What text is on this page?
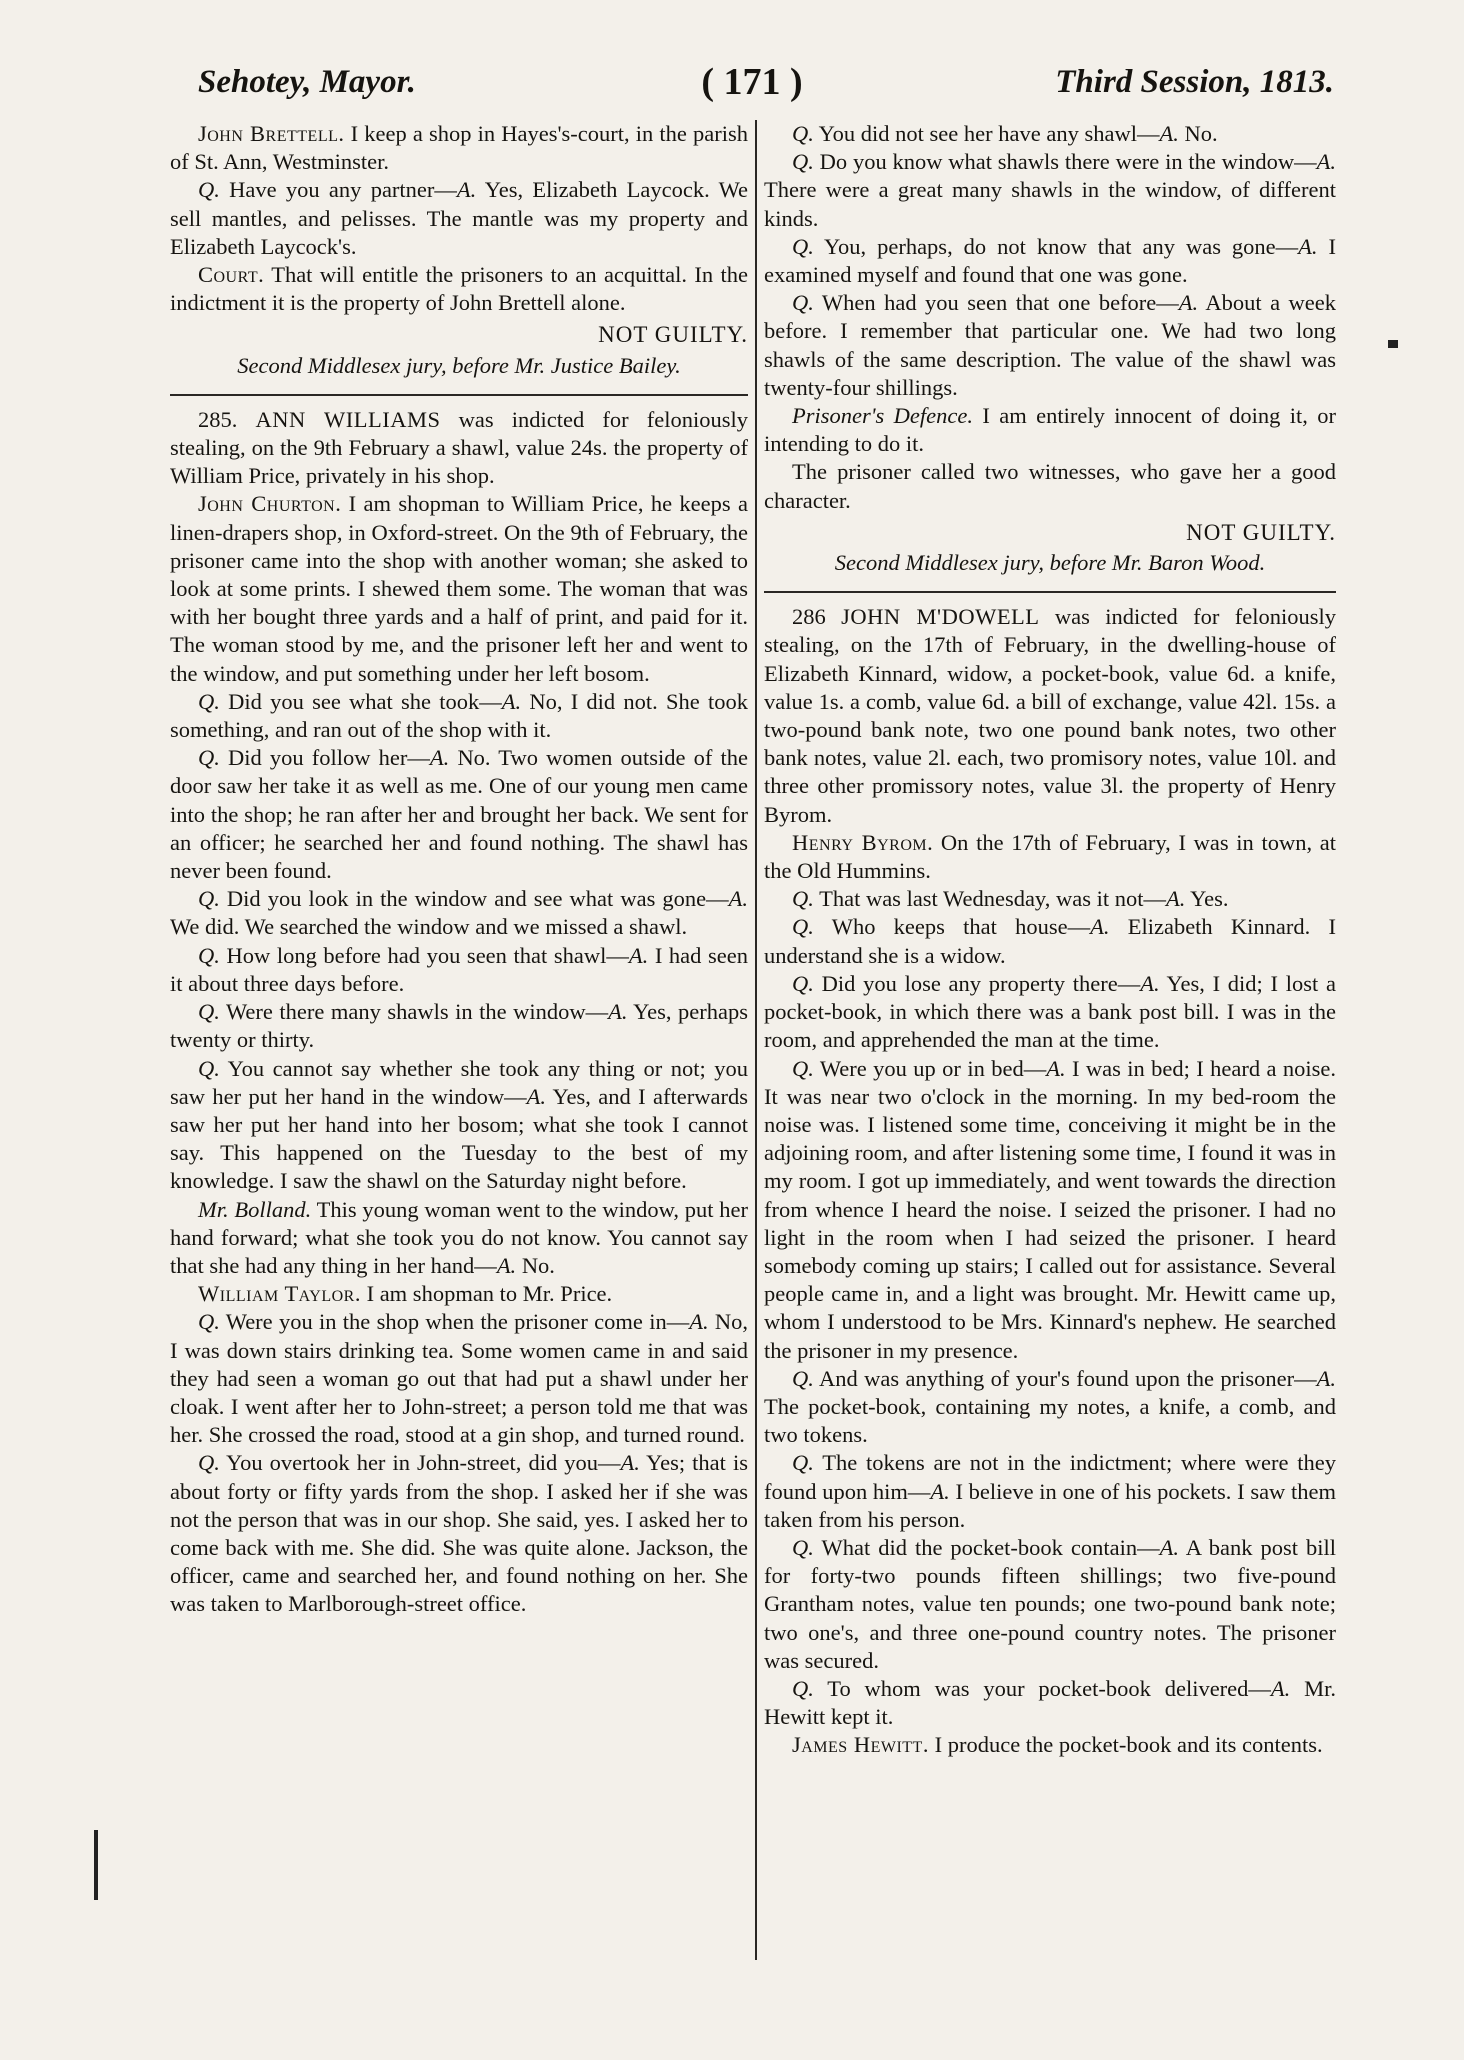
Sehotey, Mayor.	( 171 )	Third Session, 1813.

John Brettell. I keep a shop in Hayes's-court, in the parish of St. Ann, Westminster.

Q. Have you any partner—A. Yes, Elizabeth Laycock. We sell mantles, and pelisses. The mantle was my property and Elizabeth Laycock's.

Court. That will entitle the prisoners to an acquittal. In the indictment it is the property of John Brettell alone.

NOT GUILTY.

Second Middlesex jury, before Mr. Justice Bailey.

285. ANN WILLIAMS was indicted for feloniously stealing, on the 9th February a shawl, value 24s. the property of William Price, privately in his shop.

John Churton. I am shopman to William Price, he keeps a linen-drapers shop, in Oxford-street. On the 9th of February, the prisoner came into the shop with another woman; she asked to look at some prints. I shewed them some. The woman that was with her bought three yards and a half of print, and paid for it. The woman stood by me, and the prisoner left her and went to the window, and put something under her left bosom.

Q. Did you see what she took—A. No, I did not. She took something, and ran out of the shop with it.

Q. Did you follow her—A. No. Two women outside of the door saw her take it as well as me. One of our young men came into the shop; he ran after her and brought her back. We sent for an officer; he searched her and found nothing. The shawl has never been found.

Q. Did you look in the window and see what was gone—A. We did. We searched the window and we missed a shawl.

Q. How long before had you seen that shawl—A. I had seen it about three days before.

Q. Were there many shawls in the window—A. Yes, perhaps twenty or thirty.

Q. You cannot say whether she took any thing or not; you saw her put her hand in the window—A. Yes, and I afterwards saw her put her hand into her bosom; what she took I cannot say. This happened on the Tuesday to the best of my knowledge. I saw the shawl on the Saturday night before.

Mr. Bolland. This young woman went to the window, put her hand forward; what she took you do not know. You cannot say that she had any thing in her hand—A. No.

William Taylor. I am shopman to Mr. Price.

Q. Were you in the shop when the prisoner come in—A. No, I was down stairs drinking tea. Some women came in and said they had seen a woman go out that had put a shawl under her cloak. I went after her to John-street; a person told me that was her. She crossed the road, stood at a gin shop, and turned round.

Q. You overtook her in John-street, did you—A. Yes; that is about forty or fifty yards from the shop. I asked her if she was not the person that was in our shop. She said, yes. I asked her to come back with me. She did. She was quite alone. Jackson, the officer, came and searched her, and found nothing on her. She was taken to Marlborough-street office.

Q. You did not see her have any shawl—A. No.

Q. Do you know what shawls there were in the window—A. There were a great many shawls in the window, of different kinds.

Q. You, perhaps, do not know that any was gone—A. I examined myself and found that one was gone.

Q. When had you seen that one before—A. About a week before. I remember that particular one. We had two long shawls of the same description. The value of the shawl was twenty-four shillings.

Prisoner's Defence. I am entirely innocent of doing it, or intending to do it.

The prisoner called two witnesses, who gave her a good character.

NOT GUILTY.

Second Middlesex jury, before Mr. Baron Wood.

286 JOHN M'DOWELL was indicted for feloniously stealing, on the 17th of February, in the dwelling-house of Elizabeth Kinnard, widow, a pocket-book, value 6d. a knife, value 1s. a comb, value 6d. a bill of exchange, value 42l. 15s. a two-pound bank note, two one pound bank notes, two other bank notes, value 2l. each, two promisory notes, value 10l. and three other promissory notes, value 3l. the property of Henry Byrom.

Henry Byrom. On the 17th of February, I was in town, at the Old Hummins.

Q. That was last Wednesday, was it not—A. Yes.

Q. Who keeps that house—A. Elizabeth Kinnard. I understand she is a widow.

Q. Did you lose any property there—A. Yes, I did; I lost a pocket-book, in which there was a bank post bill. I was in the room, and apprehended the man at the time.

Q. Were you up or in bed—A. I was in bed; I heard a noise. It was near two o'clock in the morning. In my bed-room the noise was. I listened some time, conceiving it might be in the adjoining room, and after listening some time, I found it was in my room. I got up immediately, and went towards the direction from whence I heard the noise. I seized the prisoner. I had no light in the room when I had seized the prisoner. I heard somebody coming up stairs; I called out for assistance. Several people came in, and a light was brought. Mr. Hewitt came up, whom I understood to be Mrs. Kinnard's nephew. He searched the prisoner in my presence.

Q. And was anything of your's found upon the prisoner—A. The pocket-book, containing my notes, a knife, a comb, and two tokens.

Q. The tokens are not in the indictment; where were they found upon him—A. I believe in one of his pockets. I saw them taken from his person.

Q. What did the pocket-book contain—A. A bank post bill for forty-two pounds fifteen shillings; two five-pound Grantham notes, value ten pounds; one two-pound bank note; two one's, and three one-pound country notes. The prisoner was secured.

Q. To whom was your pocket-book delivered—A. Mr. Hewitt kept it.

James Hewitt. I produce the pocket-book and its contents.
